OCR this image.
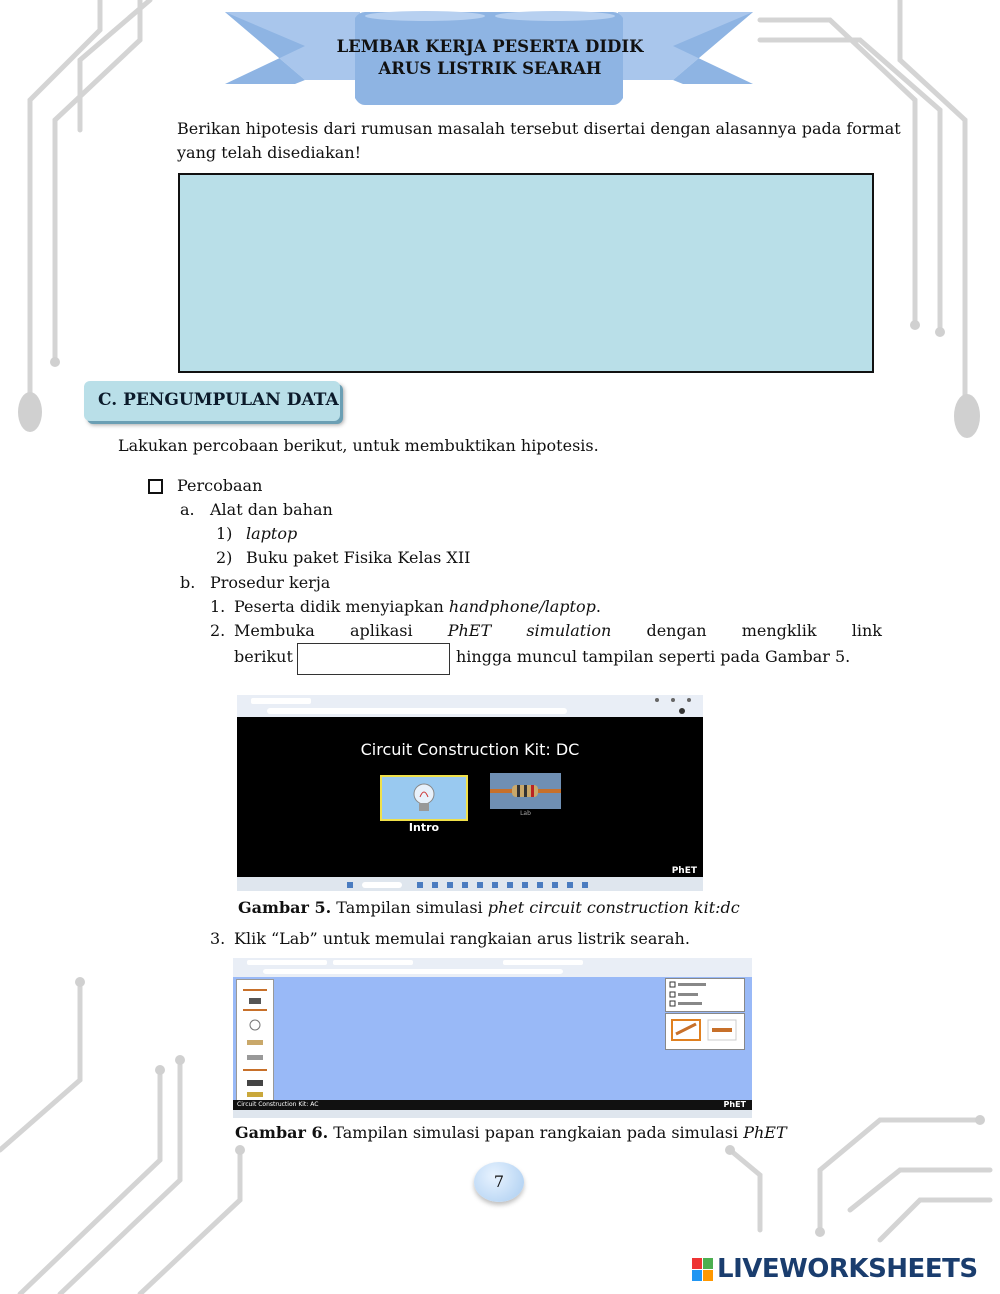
LEMBAR KERJA PESERTA DIDIK
ARUS LISTRIK SEARAH
Berikan hipotesis dari rumusan masalah tersebut disertai dengan alasannya pada format
yang telah disediakan!
C. PENGUMPULAN DATA
Lakukan percobaan berikut, untuk membuktikan hipotesis.
Percobaan
a. Alat dan bahan
1) laptop
2) Buku paket Fisika Kelas XII
b. Prosedur kerja
1. Peserta didik menyiapkan handphone/laptop.
2. Membuka aplikasi PhET simulation dengan mengklik link
berikut	hingga muncul tampilan seperti pada Gambar 5.
Circuit Construction Kit: DC
Intro
Lab
PhET
Gambar 5. Tampilan simulasi phet circuit construction kit:dc
3. Klik “Lab” untuk memulai rangkaian arus listrik searah.
Circuit Construction Kit: AC	PhET
Gambar 6. Tampilan simulasi papan rangkaian pada simulasi PhET
7
LIVEWORKSHEETS
